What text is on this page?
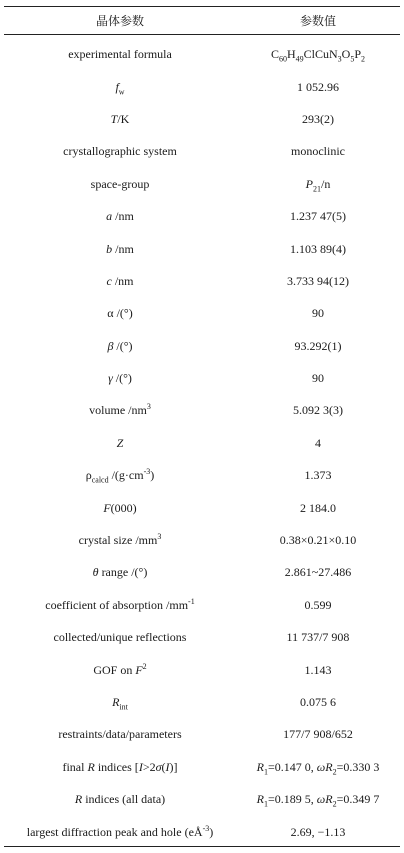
晶体参数	参数值
experimental formula	$C_{60}H_{49}ClCuN_3O_5P_2$
$f_w$	1 052.96
T/K	293(2)
crystallographic system	monoclinic
space-group	$P_{21}/n$
a /nm	1.237 47(5)
b /nm	1.103 89(4)
c /nm	3.733 94(12)
α /(°)	90
β /(°)	93.292(1)
γ /(°)	90
volume $/nm^3$	5.092 3(3)
Z	4
$\rho_{calcd}$ $/(g\cdot cm^{-3})$	1.373
F(000)	2 184.0
crystal size $/mm^3$	0.38×0.21×0.10
θ range /(°)	2.861~27.486
coefficient of absorption $/mm^{-1}$	0.599
collected/unique reflections	11 737/7 908
GOF on $F^2$	1.143
$R_{int}$	0.075 6
restraints/data/parameters	177/7 908/652
final R indices [I>2σ(I)]	$R_1=0.147$ 0, $\omega R_2=0.330$ 3
R indices (all data)	$R_1=0.189$ 5, $\omega R_2=0.349$ 7
largest diffraction peak and hole $(eÅ^{-3})$	2.69, −1.13
